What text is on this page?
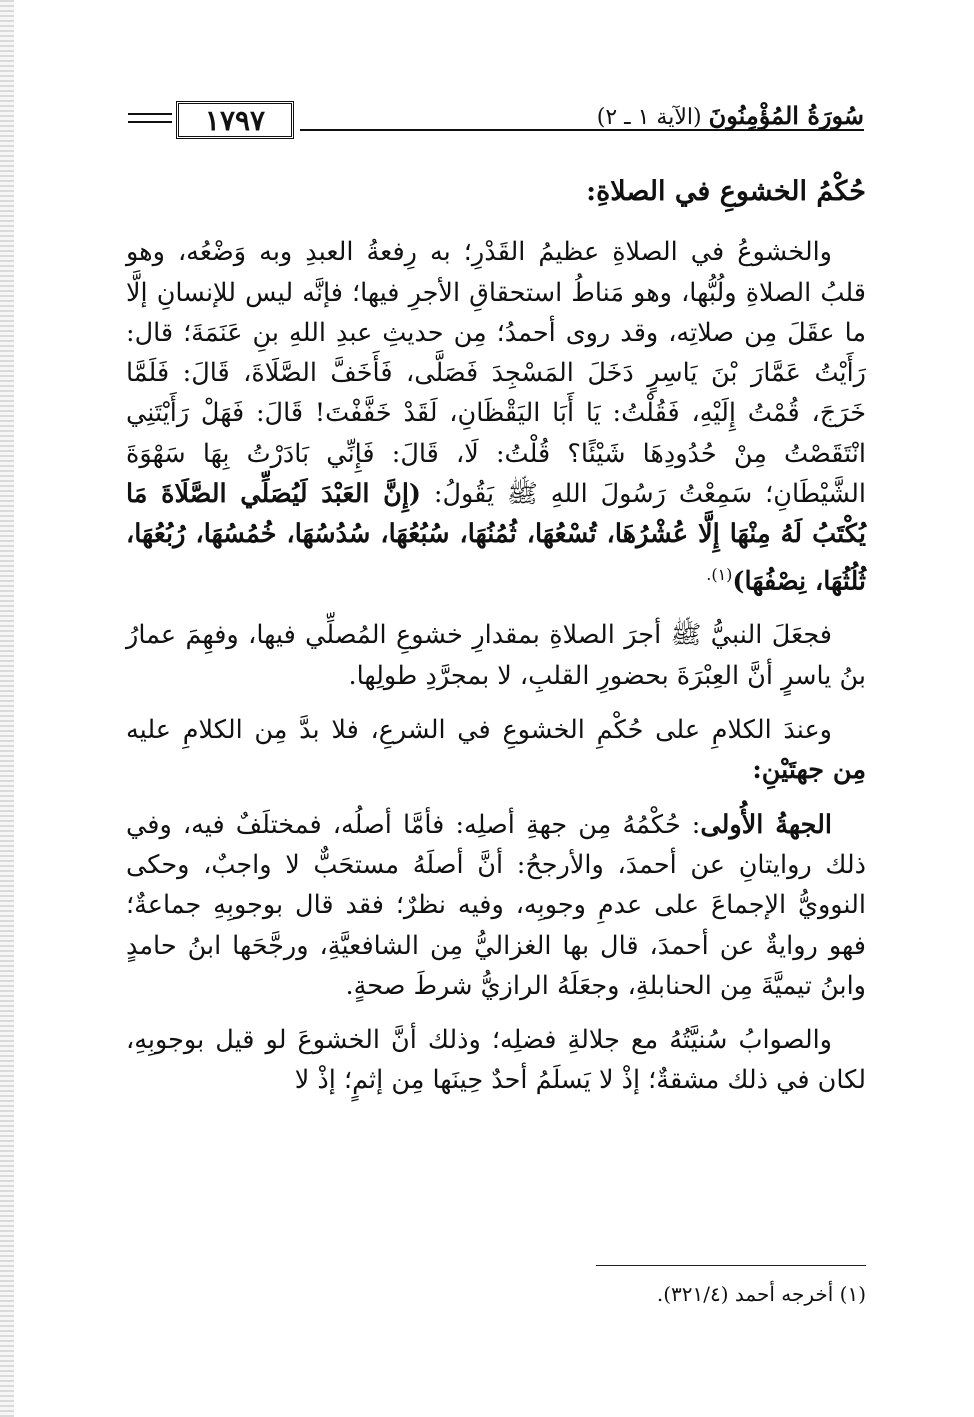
١٧٩٧	سُورَةُ المُؤْمِنُونَ (الآية ١ ـ ٢)

حُكْمُ الخشوعِ في الصلاةِ:

والخشوعُ في الصلاةِ عظيمُ القَدْرِ؛ به رِفعةُ العبدِ وبه وَضْعُه، وهو قلبُ الصلاةِ ولُبُّها، وهو مَناطُ استحقاقِ الأجرِ فيها؛ فإنَّه ليس للإنسانِ إلَّا ما عقَلَ مِن صلاتِه، وقد روى أحمدُ؛ مِن حديثِ عبدِ اللهِ بنِ عَنَمَةَ؛ قال: رَأَيْتُ عَمَّارَ بْنَ يَاسِرٍ دَخَلَ المَسْجِدَ فَصَلَّى، فَأَخَفَّ الصَّلَاةَ، قَالَ: فَلَمَّا خَرَجَ، قُمْتُ إِلَيْهِ، فَقُلْتُ: يَا أَبَا اليَقْظَانِ، لَقَدْ خَفَّفْتَ! قَالَ: فَهَلْ رَأَيْتَنِي انْتَقَصْتُ مِنْ حُدُودِهَا شَيْئًا؟ قُلْتُ: لَا، قَالَ: فَإِنِّي بَادَرْتُ بِهَا سَهْوَةَ الشَّيْطَانِ؛ سَمِعْتُ رَسُولَ اللهِ ﷺ يَقُولُ: (إِنَّ العَبْدَ لَيُصَلِّي الصَّلَاةَ مَا يُكْتَبُ لَهُ مِنْهَا إِلَّا عُشْرُهَا، تُسْعُهَا، ثُمُنُهَا، سُبُعُهَا، سُدُسُهَا، خُمُسُهَا، رُبُعُهَا، ثُلُثُهَا، نِصْفُهَا)$^{(١).}$

فجعَلَ النبيُّ ﷺ أجرَ الصلاةِ بمقدارِ خشوعِ المُصلِّي فيها، وفهِمَ عمارُ بنُ ياسرٍ أنَّ العِبْرَةَ بحضورِ القلبِ، لا بمجرَّدِ طولِها.

وعندَ الكلامِ على حُكْمِ الخشوعِ في الشرعِ، فلا بدَّ مِن الكلامِ عليه مِن جهتَيْنِ:

الجهةُ الأُولى: حُكْمُهُ مِن جهةِ أصلِه: فأمَّا أصلُه، فمختلَفٌ فيه، وفي ذلك روايتانِ عن أحمدَ، والأرجحُ: أنَّ أصلَهُ مستحَبٌّ لا واجبٌ، وحكى النوويُّ الإجماعَ على عدمِ وجوبِه، وفيه نظرٌ؛ فقد قال بوجوبِهِ جماعةٌ؛ فهو روايةٌ عن أحمدَ، قال بها الغزاليُّ مِن الشافعيَّةِ، ورجَّحَها ابنُ حامدٍ وابنُ تيميَّةَ مِن الحنابلةِ، وجعَلَهُ الرازيُّ شرطَ صحةٍ.

والصوابُ سُنيَّتُهُ مع جلالةِ فضلِه؛ وذلك أنَّ الخشوعَ لو قيل بوجوبِهِ، لكان في ذلك مشقةٌ؛ إذْ لا يَسلَمُ أحدٌ حِينَها مِن إثمٍ؛ إذْ لا

(١) أخرجه أحمد (٣٢١/٤).
